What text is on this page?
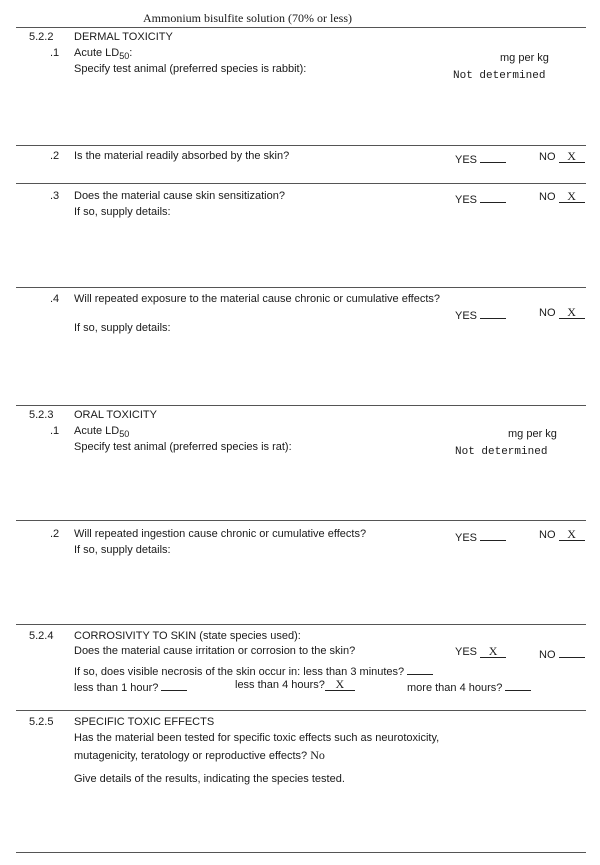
Ammonium bisulfite solution (70% or less)
5.2.2 DERMAL TOXICITY
.1 Acute $LD_{50}$:	mg per kg
Specify test animal (preferred species is rabbit):
Not determined
.2 Is the material readily absorbed by the skin?	YES	NO X
.3 Does the material cause skin sensitization?	YES	NO X
If so, supply details:
.4 Will repeated exposure to the material cause chronic or cumulative effects?
YES	NO X
If so, supply details:
5.2.3 ORAL TOXICITY
.1 Acute $LD_{50}$	mg per kg
Specify test animal (preferred species is rat):	Not determined
.2 Will repeated ingestion cause chronic or cumulative effects?	YES	NO X
If so, supply details:
5.2.4 CORROSIVITY TO SKIN (state species used):
Does the material cause irritation or corrosion to the skin?	YES X	NO
If so, does visible necrosis of the skin occur in: less than 3 minutes?
less than 1 hour?	less than 4 hours? X	more than 4 hours?
5.2.5 SPECIFIC TOXIC EFFECTS
Has the material been tested for specific toxic effects such as neurotoxicity,
mutagenicity, teratology or reproductive effects? No
Give details of the results, indicating the species tested.
